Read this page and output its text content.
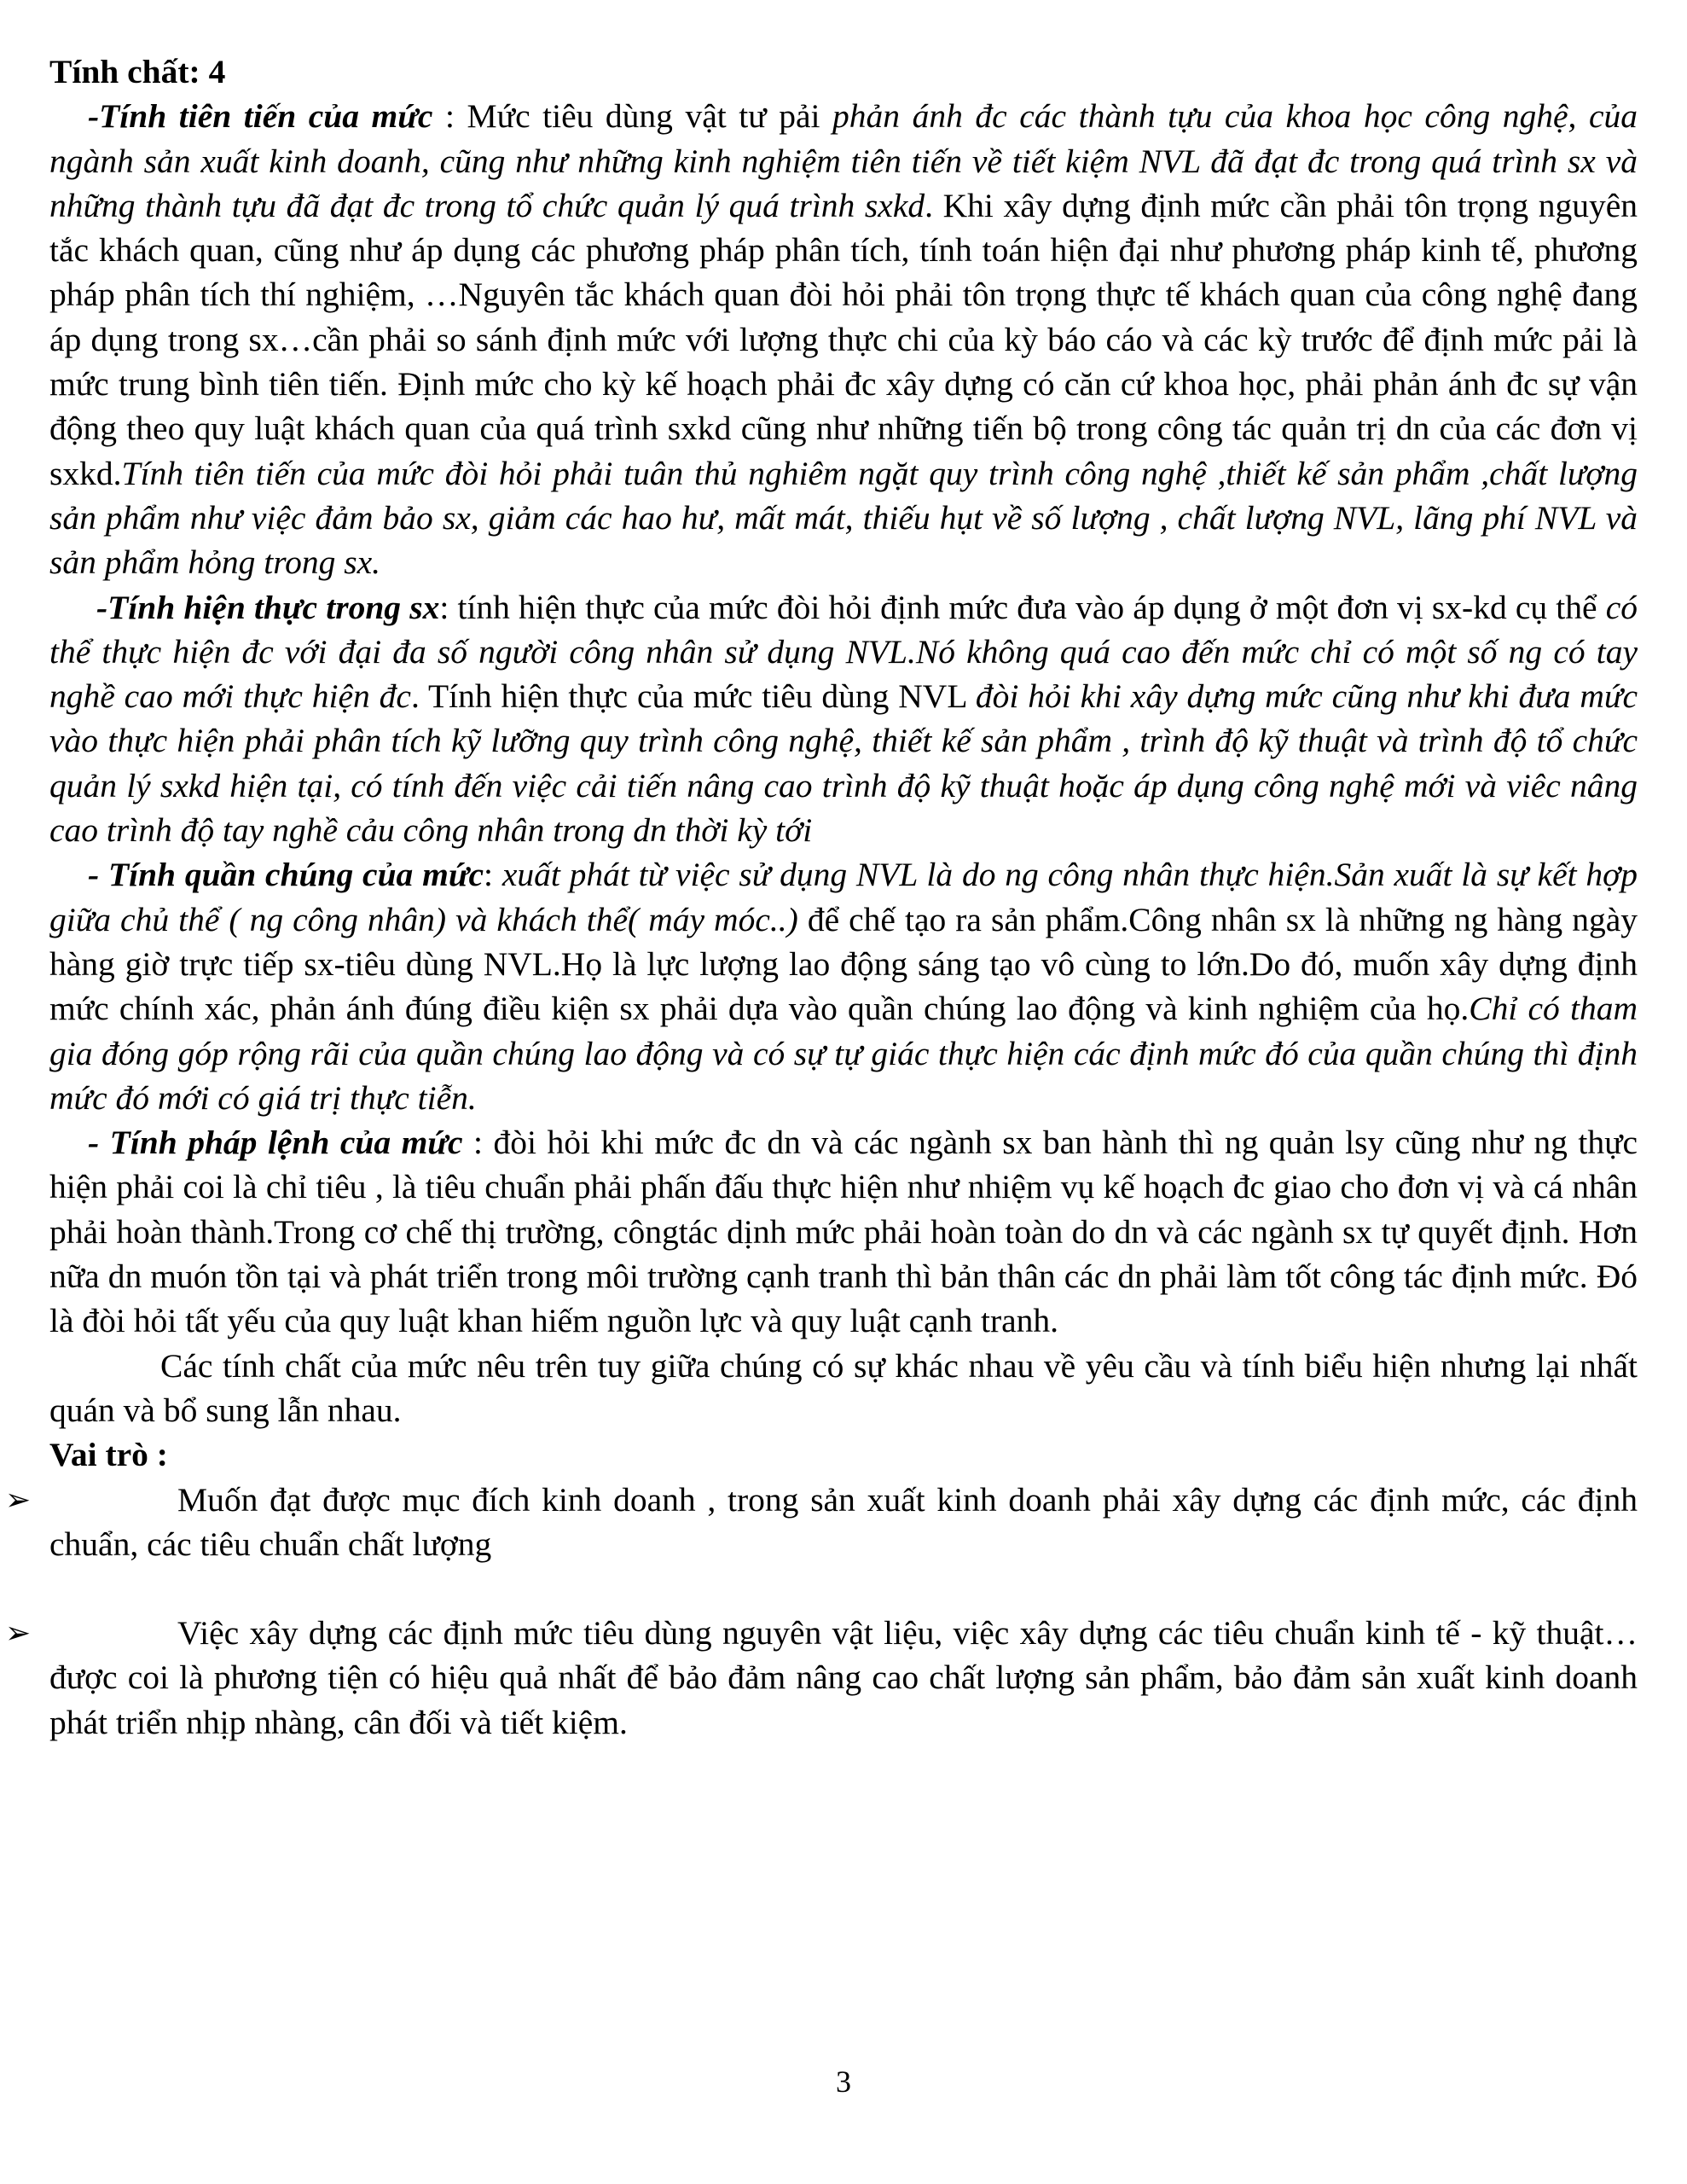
Tính chất: 4

-Tính tiên tiến của mức : Mức tiêu dùng vật tư pải phản ánh đc các thành tựu của khoa học công nghệ, của ngành sản xuất kinh doanh, cũng như những kinh nghiệm tiên tiến về tiết kiệm NVL đã đạt đc trong quá trình sx và những thành tựu đã đạt đc trong tổ chức quản lý quá trình sxkd. Khi xây dựng định mức cần phải tôn trọng nguyên tắc khách quan, cũng như áp dụng các phương pháp phân tích, tính toán hiện đại như phương pháp kinh tế, phương pháp phân tích thí nghiệm, …Nguyên tắc khách quan đòi hỏi phải tôn trọng thực tế khách quan của công nghệ đang áp dụng trong sx…cần phải so sánh định mức với lượng thực chi của kỳ báo cáo và các kỳ trước để định mức pải là mức trung bình tiên tiến. Định mức cho kỳ kế hoạch phải đc xây dựng có căn cứ khoa học, phải phản ánh đc sự vận động theo quy luật khách quan của quá trình sxkd cũng như những tiến bộ trong công tác quản trị dn của các đơn vị sxkd.Tính tiên tiến của mức đòi hỏi phải tuân thủ nghiêm ngặt quy trình công nghệ ,thiết kế sản phẩm ,chất lượng sản phẩm như việc đảm bảo sx, giảm các hao hư, mất mát, thiếu hụt về số lượng , chất lượng NVL, lãng phí NVL và sản phẩm hỏng trong sx.

-Tính hiện thực trong sx: tính hiện thực của mức đòi hỏi định mức đưa vào áp dụng ở một đơn vị sx-kd cụ thể có thể thực hiện đc với đại đa số người công nhân sử dụng NVL.Nó không quá cao đến mức chỉ có một số ng có tay nghề cao mới thực hiện đc. Tính hiện thực của mức tiêu dùng NVL đòi hỏi khi xây dựng mức cũng như khi đưa mức vào thực hiện phải phân tích kỹ lưỡng quy trình công nghệ, thiết kế sản phẩm , trình độ kỹ thuật và trình độ tổ chức quản lý sxkd hiện tại, có tính đến việc cải tiến nâng cao trình độ kỹ thuật hoặc áp dụng công nghệ mới và viêc nâng cao trình độ tay nghề cảu công nhân trong dn thời kỳ tới

- Tính quần chúng của mức: xuất phát từ việc sử dụng NVL là do ng công nhân thực hiện.Sản xuất là sự kết hợp giữa chủ thể ( ng công nhân) và khách thể( máy móc..) để chế tạo ra sản phẩm.Công nhân sx là những ng hàng ngày hàng giờ trực tiếp sx-tiêu dùng NVL.Họ là lực lượng lao động sáng tạo vô cùng to lớn.Do đó, muốn xây dựng định mức chính xác, phản ánh đúng điều kiện sx phải dựa vào quần chúng lao động và kinh nghiệm của họ.Chỉ có tham gia đóng góp rộng rãi của quần chúng lao động và có sự tự giác thực hiện các định mức đó của quần chúng thì định mức đó mới có giá trị thực tiễn.

- Tính pháp lệnh của mức : đòi hỏi khi mức đc dn và các ngành sx ban hành thì ng quản lsy cũng như ng thực hiện phải coi là chỉ tiêu , là tiêu chuẩn phải phấn đấu thực hiện như nhiệm vụ kế hoạch đc giao cho đơn vị và cá nhân phải hoàn thành.Trong cơ chế thị trường, côngtác dịnh mức phải hoàn toàn do dn và các ngành sx tự quyết định. Hơn nữa dn muón tồn tại và phát triển trong môi trường cạnh tranh thì bản thân các dn phải làm tốt công tác định mức. Đó là đòi hỏi tất yếu của quy luật khan hiếm nguồn lực và quy luật cạnh tranh.

Các tính chất của mức nêu trên tuy giữa chúng có sự khác nhau về yêu cầu và tính biểu hiện nhưng lại nhất quán và bổ sung lẫn nhau.

Vai trò :

➢	Muốn đạt được mục đích kinh doanh , trong sản xuất kinh doanh phải xây dựng các định mức, các định chuẩn, các tiêu chuẩn chất lượng

➢	Việc xây dựng các định mức tiêu dùng nguyên vật liệu, việc xây dựng các tiêu chuẩn kinh tế - kỹ thuật… được coi là phương tiện có hiệu quả nhất để bảo đảm nâng cao chất lượng sản phẩm, bảo đảm sản xuất kinh doanh phát triển nhịp nhàng, cân đối và tiết kiệm.

3
